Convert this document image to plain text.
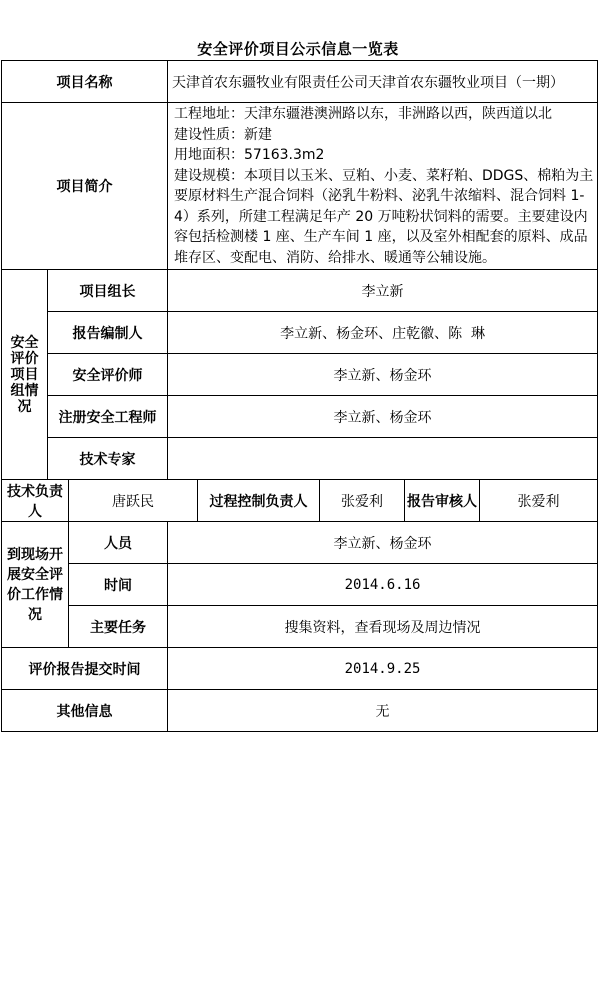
安全评价项目公示信息一览表
项目名称			天津首农东疆牧业有限责任公司天津首农东疆牧业项目（一期）				
项目简介			工程地址：天津东疆港澳洲路以东，非洲路以西，陕西道以北
建设性质：新建
用地面积：57163.3m2
建设规模：本项目以玉米、豆粕、小麦、菜籽粕、DDGS、棉粕为主要原材料生产混合饲料（泌乳牛粉料、泌乳牛浓缩料、混合饲料 1-4）系列，所建工程满足年产 20 万吨粉状饲料的需要。主要建设内容包括检测楼 1 座、生产车间 1 座，以及室外相配套的原料、成品堆存区、变配电、消防、给排水、暖通等公辅设施。				

安全评价项目组情况	项目组长		李立新				
	报告编制人		李立新、杨金环、庄乾徽、陈  琳				
	安全评价师		李立新、杨金环				
	注册安全工程师		李立新、杨金环				
	技术专家						
技术负责人		唐跃民		过程控制负责人	张爱利	报告审核人	张爱利
到现场开展安全评价工作情况		人员	李立新、杨金环				
		时间	2014.6.16				
		主要任务	搜集资料，查看现场及周边情况				
评价报告提交时间			2014.9.25				
其他信息			无				
